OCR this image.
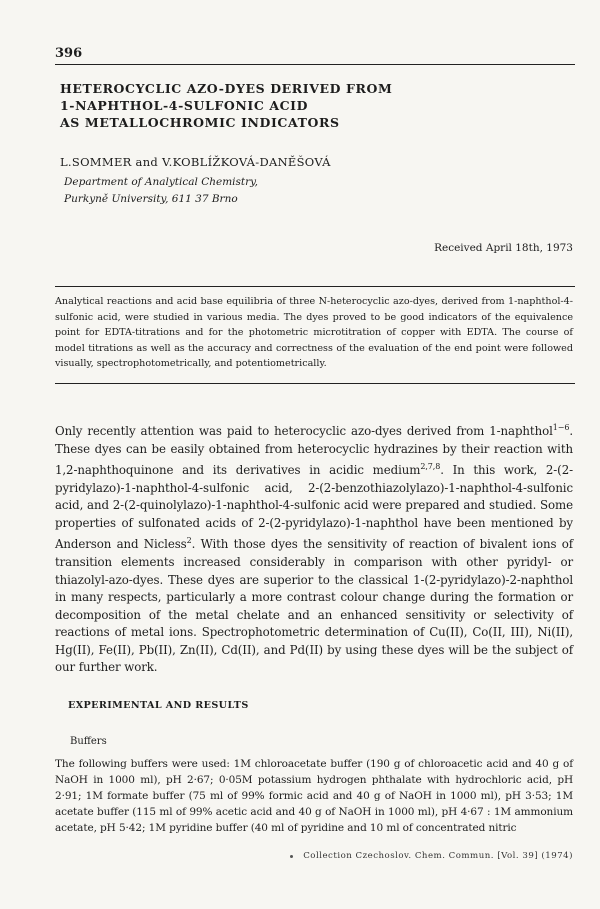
396
HETEROCYCLIC AZO-DYES DERIVED FROM
1-NAPHTHOL-4-SULFONIC ACID
AS METALLOCHROMIC INDICATORS
L.SOMMER and V.KOBLÍŽKOVÁ-DANĚŠOVÁ
Department of Analytical Chemistry,
Purkyně University, 611 37 Brno
Received April 18th, 1973
Analytical reactions and acid base equilibria of three N-heterocyclic azo-dyes, derived from 1-naphthol-4-sulfonic acid, were studied in various media. The dyes proved to be good indicators of the equivalence point for EDTA-titrations and for the photometric microtitration of copper with EDTA. The course of model titrations as well as the accuracy and correctness of the evaluation of the end point were followed visually, spectrophotometrically, and potentiometrically.
Only recently attention was paid to heterocyclic azo-dyes derived from 1-naphthol$^{1-6}$. These dyes can be easily obtained from heterocyclic hydrazines by their reaction with 1,2-naphthoquinone and its derivatives in acidic medium$^{2,7,8}$. In this work, 2-(2-pyridylazo)-1-naphthol-4-sulfonic acid, 2-(2-benzothiazolylazo)-1-naphthol-4-sulfonic acid, and 2-(2-quinolylazo)-1-naphthol-4-sulfonic acid were prepared and studied. Some properties of sulfonated acids of 2-(2-pyridylazo)-1-naphthol have been mentioned by Anderson and Nicless$^2$. With those dyes the sensitivity of reaction of bivalent ions of transition elements increased considerably in comparison with other pyridyl- or thiazolyl-azo-dyes. These dyes are superior to the classical 1-(2-pyridylazo)-2-naphthol in many respects, particularly a more contrast colour change during the formation or decomposition of the metal chelate and an enhanced sensitivity or selectivity of reactions of metal ions. Spectrophotometric determination of Cu(II), Co(II, III), Ni(II), Hg(II), Fe(II), Pb(II), Zn(II), Cd(II), and Pd(II) by using these dyes will be the subject of our further work.
EXPERIMENTAL AND RESULTS
Buffers
The following buffers were used: 1M chloroacetate buffer (190 g of chloroacetic acid and 40 g of NaOH in 1000 ml), pH 2·67; 0·05M potassium hydrogen phthalate with hydrochloric acid, pH 2·91; 1M formate buffer (75 ml of 99% formic acid and 40 g of NaOH in 1000 ml), pH 3·53; 1M acetate buffer (115 ml of 99% acetic acid and 40 g of NaOH in 1000 ml), pH 4·67 : 1M ammonium acetate, pH 5·42; 1M pyridine buffer (40 ml of pyridine and 10 ml of concentrated nitric
Collection Czechoslov. Chem. Commun. [Vol. 39] (1974)
